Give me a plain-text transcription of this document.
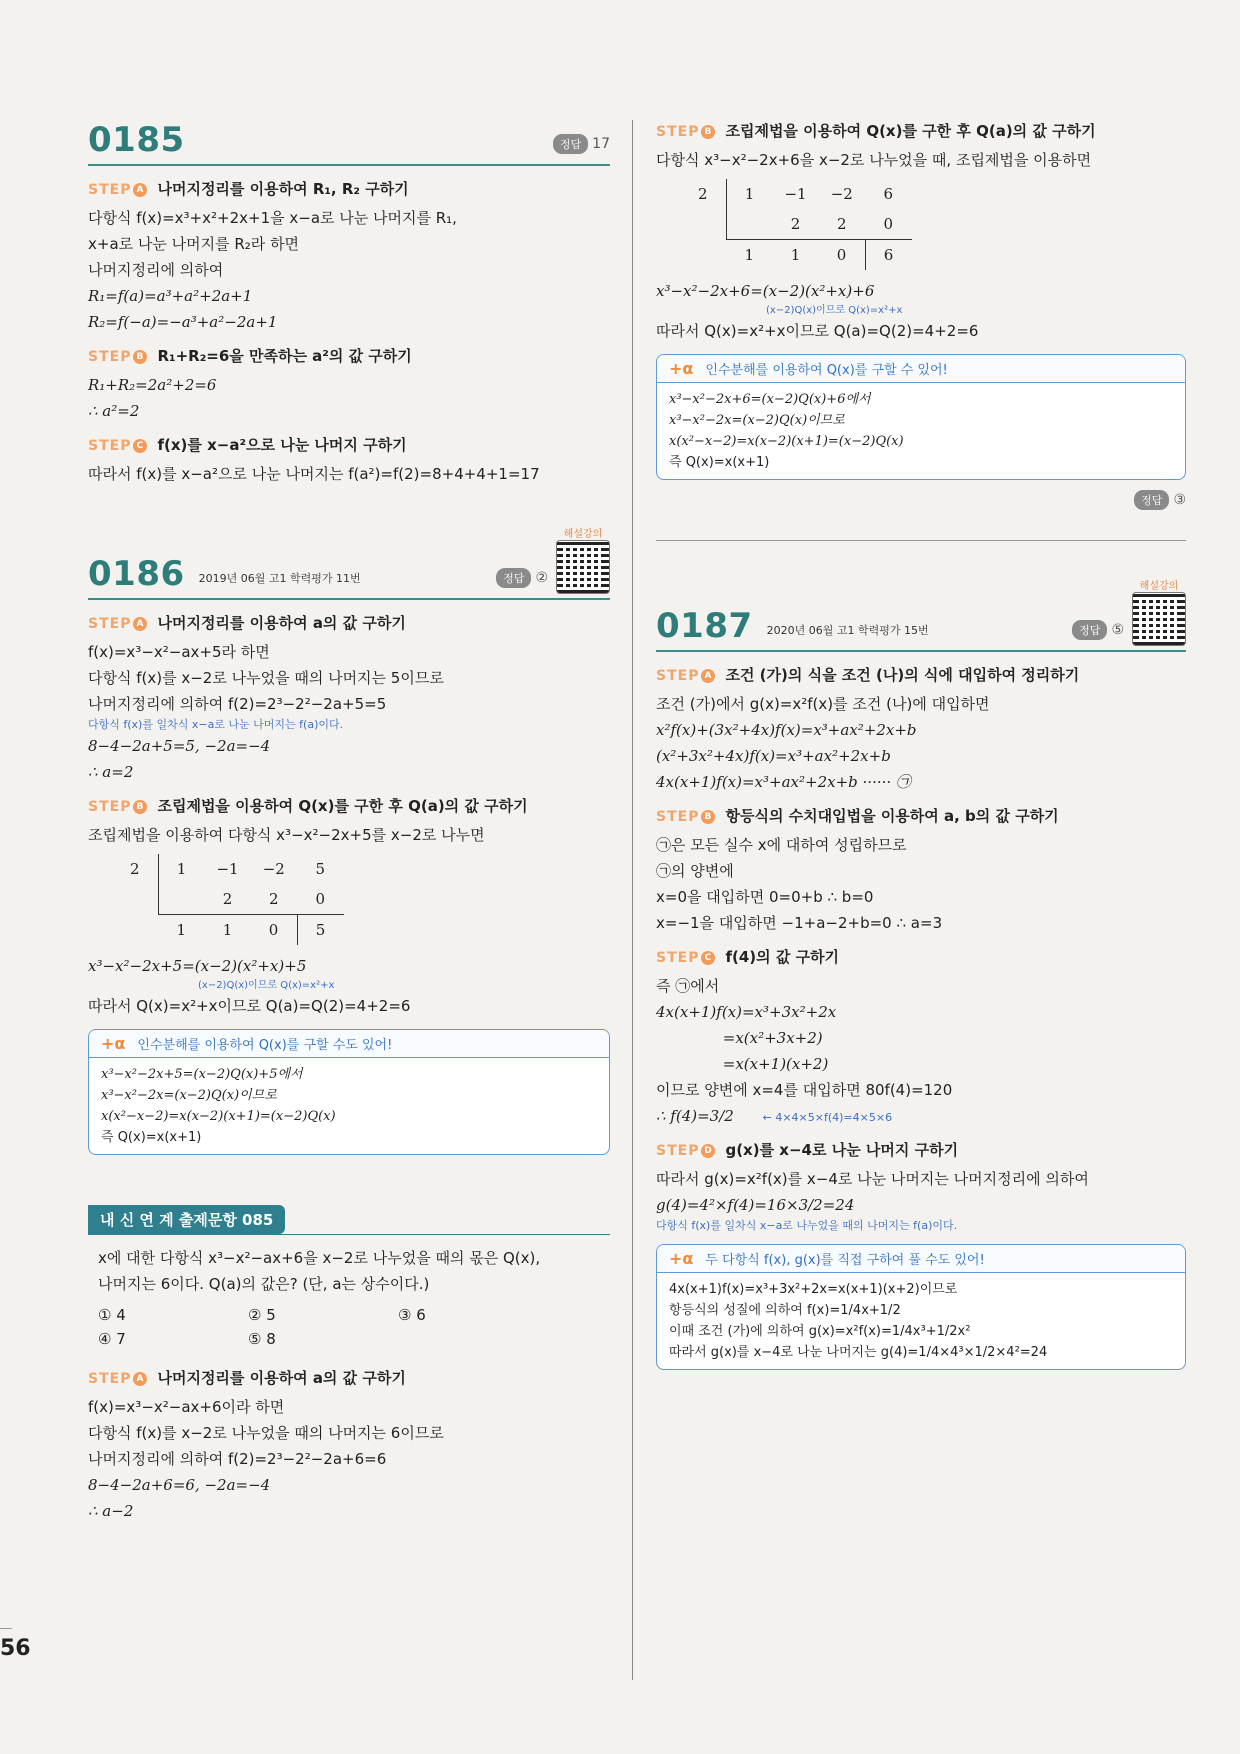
56
0185	정답 17
STEP A 나머지정리를 이용하여 R₁, R₂ 구하기
다항식 f(x)=x³+x²+2x+1을 x−a로 나눈 나머지를 R₁,
x+a로 나눈 나머지를 R₂라 하면
나머지정리에 의하여
R₁=f(a)=a³+a²+2a+1
R₂=f(−a)=−a³+a²−2a+1
STEP B R₁+R₂=6을 만족하는 a²의 값 구하기
R₁+R₂=2a²+2=6
∴ a²=2
STEP C f(x)를 x−a²으로 나눈 나머지 구하기
따라서 f(x)를 x−a²으로 나눈 나머지는 f(a²)=f(2)=8+4+4+1=17
0186 2019년 06월 고1 학력평가 11번	정답 ②
해설강의
STEP A 나머지정리를 이용하여 a의 값 구하기
f(x)=x³−x²−ax+5라 하면
다항식 f(x)를 x−2로 나누었을 때의 나머지는 5이므로
나머지정리에 의하여 f(2)=2³−2²−2a+5=5
다항식 f(x)를 일차식 x−a로 나눈 나머지는 f(a)이다.
8−4−2a+5=5, −2a=−4
∴ a=2
STEP B 조립제법을 이용하여 Q(x)를 구한 후 Q(a)의 값 구하기
조립제법을 이용하여 다항식 x³−x²−2x+5를 x−2로 나누면
2	1	−1	−2	5
		2	2	0
	1	1	0	5
x³−x²−2x+5=(x−2)(x²+x)+5
(x−2)Q(x)이므로 Q(x)=x²+x
따라서 Q(x)=x²+x이므로 Q(a)=Q(2)=4+2=6
+α 인수분해를 이용하여 Q(x)를 구할 수도 있어!
x³−x²−2x+5=(x−2)Q(x)+5에서
x³−x²−2x=(x−2)Q(x)이므로
x(x²−x−2)=x(x−2)(x+1)=(x−2)Q(x)
즉 Q(x)=x(x+1)
내 신 연 계 출제문항 085
x에 대한 다항식 x³−x²−ax+6을 x−2로 나누었을 때의 몫은 Q(x),
나머지는 6이다. Q(a)의 값은? (단, a는 상수이다.)
① 4	② 5	③ 6
④ 7	⑤ 8
STEP A 나머지정리를 이용하여 a의 값 구하기
f(x)=x³−x²−ax+6이라 하면
다항식 f(x)를 x−2로 나누었을 때의 나머지는 6이므로
나머지정리에 의하여 f(2)=2³−2²−2a+6=6
8−4−2a+6=6, −2a=−4
∴ a−2
STEP B 조립제법을 이용하여 Q(x)를 구한 후 Q(a)의 값 구하기
다항식 x³−x²−2x+6을 x−2로 나누었을 때, 조립제법을 이용하면
2	1	−1	−2	6
		2	2	0
	1	1	0	6
x³−x²−2x+6=(x−2)(x²+x)+6
(x−2)Q(x)이므로 Q(x)=x²+x
따라서 Q(x)=x²+x이므로 Q(a)=Q(2)=4+2=6
+α 인수분해를 이용하여 Q(x)를 구할 수 있어!
x³−x²−2x+6=(x−2)Q(x)+6에서
x³−x²−2x=(x−2)Q(x)이므로
x(x²−x−2)=x(x−2)(x+1)=(x−2)Q(x)
즉 Q(x)=x(x+1)
정답 ③
0187 2020년 06월 고1 학력평가 15번	정답 ⑤
해설강의
STEP A 조건 (가)의 식을 조건 (나)의 식에 대입하여 정리하기
조건 (가)에서 g(x)=x²f(x)를 조건 (나)에 대입하면
x²f(x)+(3x²+4x)f(x)=x³+ax²+2x+b
(x²+3x²+4x)f(x)=x³+ax²+2x+b
4x(x+1)f(x)=x³+ax²+2x+b ······ ㉠
STEP B 항등식의 수치대입법을 이용하여 a, b의 값 구하기
㉠은 모든 실수 x에 대하여 성립하므로
㉠의 양변에
x=0을 대입하면 0=0+b ∴ b=0
x=−1을 대입하면 −1+a−2+b=0 ∴ a=3
STEP C f(4)의 값 구하기
즉 ㉠에서
4x(x+1)f(x)=x³+3x²+2x
=x(x²+3x+2)
=x(x+1)(x+2)
이므로 양변에 x=4를 대입하면 80f(4)=120
∴ f(4)=3/2	← 4×4×5×f(4)=4×5×6
STEP D g(x)를 x−4로 나눈 나머지 구하기
따라서 g(x)=x²f(x)를 x−4로 나눈 나머지는 나머지정리에 의하여
g(4)=4²×f(4)=16×3/2=24
다항식 f(x)를 일차식 x−a로 나누었을 때의 나머지는 f(a)이다.
+α 두 다항식 f(x), g(x)를 직접 구하여 풀 수도 있어!
4x(x+1)f(x)=x³+3x²+2x=x(x+1)(x+2)이므로
항등식의 성질에 의하여 f(x)=1/4x+1/2
이때 조건 (가)에 의하여 g(x)=x²f(x)=1/4x³+1/2x²
따라서 g(x)를 x−4로 나눈 나머지는 g(4)=1/4×4³×1/2×4²=24
